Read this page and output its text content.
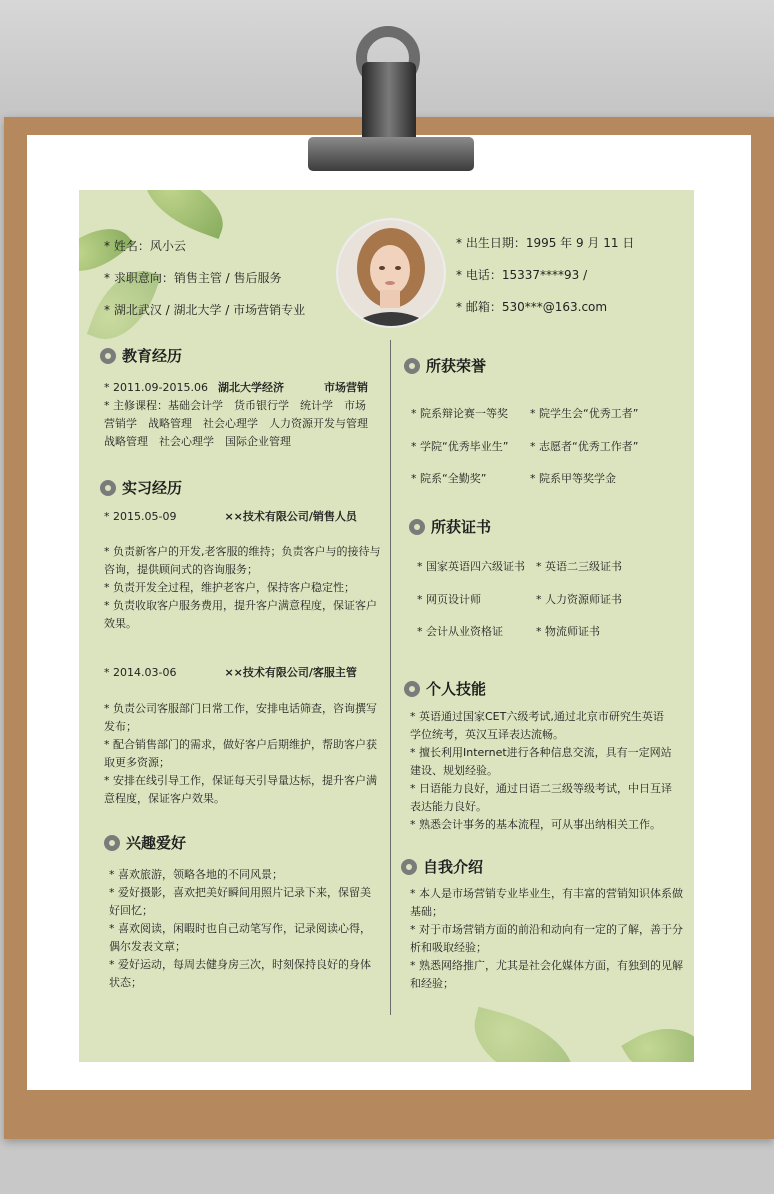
* 姓名：风小云
* 求职意向：销售主管 / 售后服务
* 湖北武汉 / 湖北大学 / 市场营销专业
* 出生日期：1995 年 9 月 11 日
* 电话：15337****93 /
* 邮箱：530***@163.com
教育经历
* 2011.09-2015.06 湖北大学经济	市场营销
* 主修课程：基础会计学　货币银行学　统计学　市场
营销学　战略管理　社会心理学　人力资源开发与管理
战略管理　社会心理学　国际企业管理
实习经历
* 2015.05-09	××技术有限公司/销售人员
* 负责新客户的开发,老客服的维持；负责客户与的接待与
咨询，提供顾问式的咨询服务；
* 负责开发全过程，维护老客户，保持客户稳定性；
* 负责收取客户服务费用，提升客户满意程度，保证客户
效果。
* 2014.03-06	××技术有限公司/客服主管
* 负责公司客服部门日常工作，安排电话筛查，咨询撰写
发布；
* 配合销售部门的需求，做好客户后期维护，帮助客户获
取更多资源；
* 安排在线引导工作，保证每天引导量达标，提升客户满
意程度，保证客户效果。
兴趣爱好
* 喜欢旅游，领略各地的不同风景；
* 爱好摄影，喜欢把美好瞬间用照片记录下来，保留美
好回忆；
* 喜欢阅读，闲暇时也自己动笔写作，记录阅读心得，
偶尔发表文章；
* 爱好运动，每周去健身房三次，时刻保持良好的身体
状态；
所获荣誉
* 院系辩论赛一等奖 * 院学生会“优秀工者”
* 学院“优秀毕业生” * 志愿者“优秀工作者”
* 院系“全勤奖”	* 院系甲等奖学金
所获证书
* 国家英语四六级证书 * 英语二三级证书
* 网页设计师	* 人力资源师证书
* 会计从业资格证	* 物流师证书
个人技能
* 英语通过国家CET六级考试,通过北京市研究生英语
学位统考，英汉互译表达流畅。
* 擅长利用Internet进行各种信息交流，具有一定网站
建设、规划经验。
* 日语能力良好，通过日语二三级等级考试，中日互译
表达能力良好。
* 熟悉会计事务的基本流程，可从事出纳相关工作。
自我介绍
* 本人是市场营销专业毕业生，有丰富的营销知识体系做
基础；
* 对于市场营销方面的前沿和动向有一定的了解，善于分
析和吸取经验；
* 熟悉网络推广，尤其是社会化媒体方面，有独到的见解
和经验；
